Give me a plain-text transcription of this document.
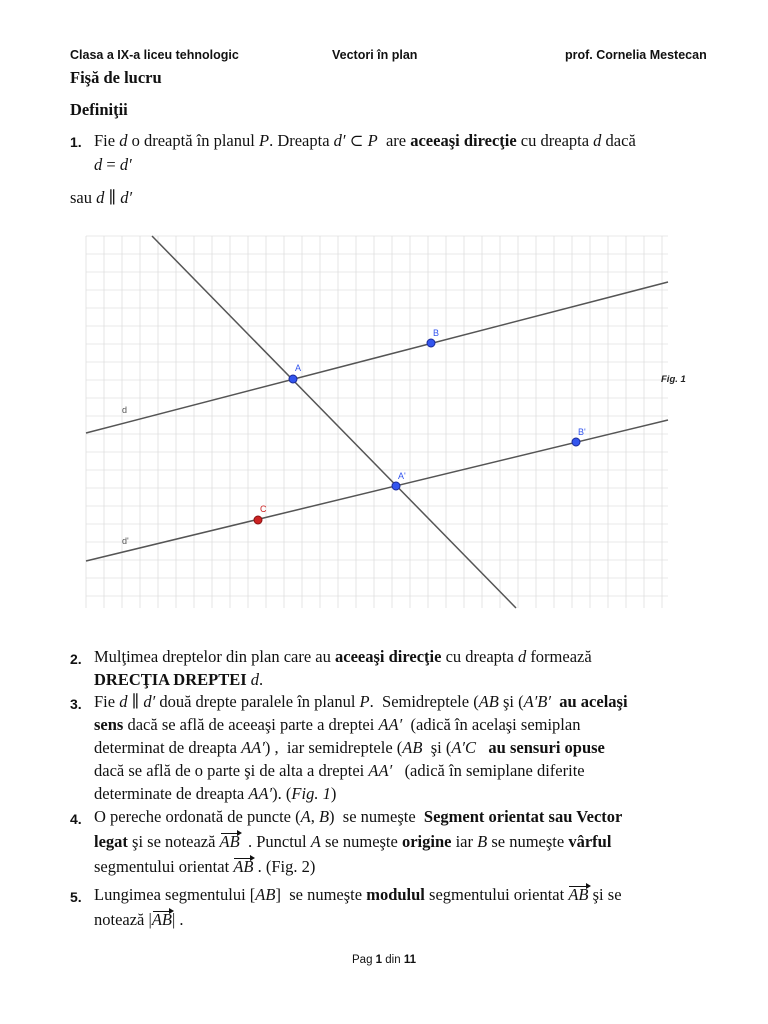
Clasa a IX-a liceu tehnologic	Vectori în plan	prof. Cornelia Mestecan
Fişă de lucru
Definiţii
1. Fie d o dreaptă în planul P. Dreapta d′ ⊂ P  are aceeaşi direcţie cu dreapta d dacă
d = d′
sau d ∥ d′
A
B
A'
B'
C
d
d'
Fig. 1
2. Mulţimea dreptelor din plan care au aceeaşi direcţie cu dreapta d formează
DRECŢIA DREPTEI d.
3. Fie d ∥ d′ două drepte paralele în planul P.  Semidreptele (AB şi (A′B′ au acelaşi
sens dacă se află de aceeaşi parte a dreptei AA′  (adică în acelaşi semiplan
determinat de dreapta AA′) ,  iar semidreptele (AB  şi (A′C au sensuri opuse
dacă se află de o parte şi de alta a dreptei AA′   (adică în semiplane diferite
determinate de dreapta AA′). (Fig. 1)
4. O pereche ordonată de puncte (A, B)  se numeşte  Segment orientat sau Vector
legat şi se notează AB  . Punctul A se numeşte origine iar B se numeşte vârful
segmentului orientat AB . (Fig. 2)
5. Lungimea segmentului [AB]  se numeşte modulul segmentului orientat AB şi se
notează |AB| .
Pag 1 din 11
